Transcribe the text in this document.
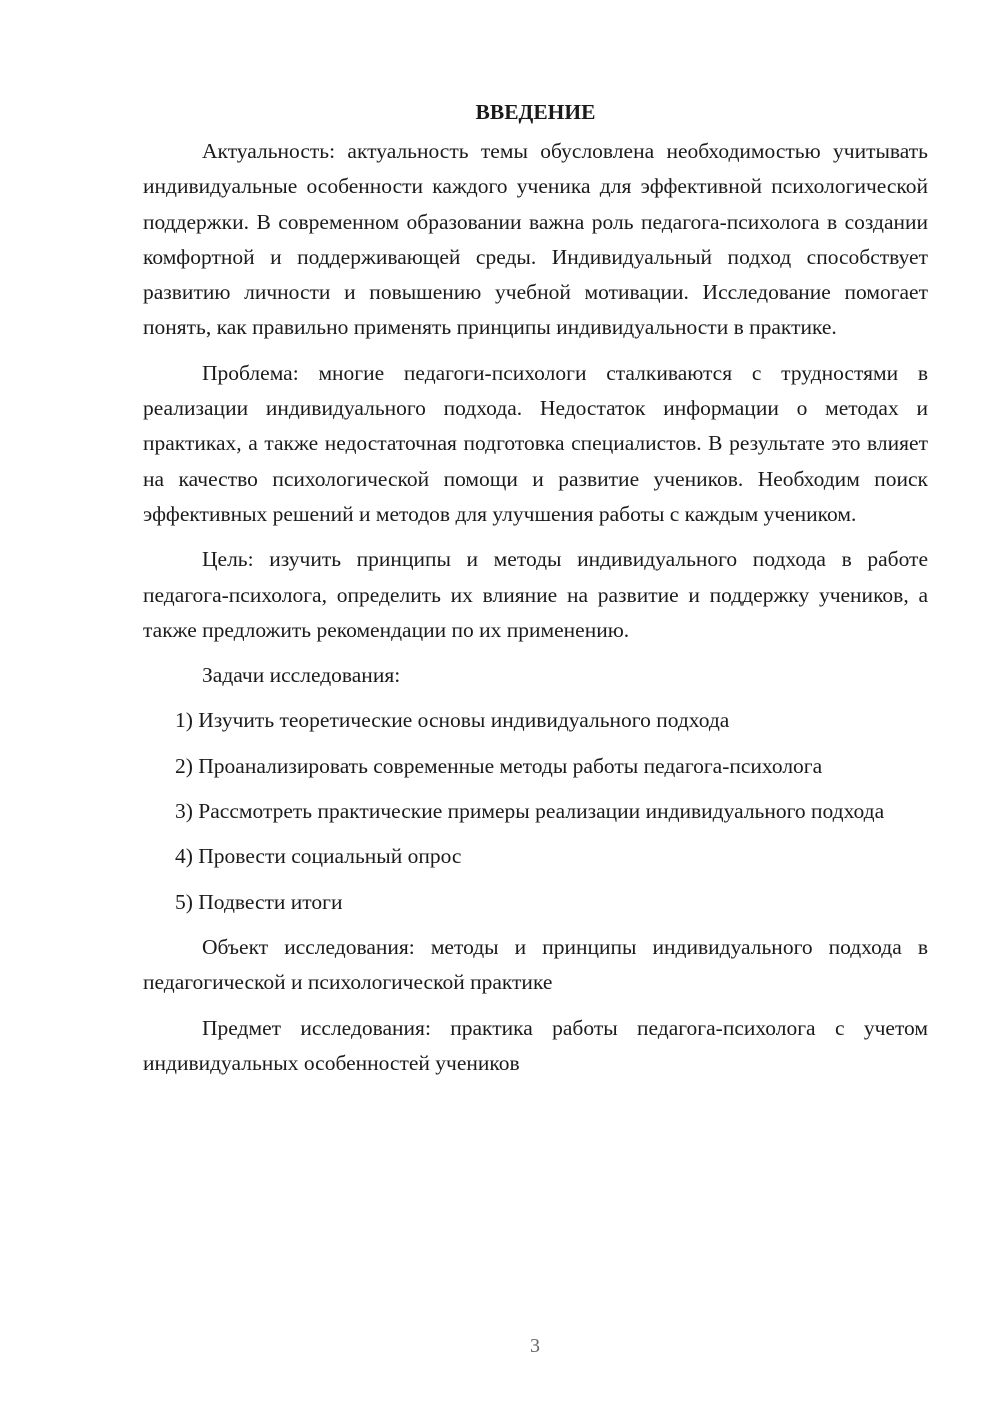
ВВЕДЕНИЕ

Актуальность: актуальность темы обусловлена необходимостью учитывать индивидуальные особенности каждого ученика для эффективной психологической поддержки. В современном образовании важна роль педагога-психолога в создании комфортной и поддерживающей среды. Индивидуальный подход способствует развитию личности и повышению учебной мотивации. Исследование помогает понять, как правильно применять принципы индивидуальности в практике.

Проблема: многие педагоги-психологи сталкиваются с трудностями в реализации индивидуального подхода. Недостаток информации о методах и практиках, а также недостаточная подготовка специалистов. В результате это влияет на качество психологической помощи и развитие учеников. Необходим поиск эффективных решений и методов для улучшения работы с каждым учеником.

Цель: изучить принципы и методы индивидуального подхода в работе педагога-психолога, определить их влияние на развитие и поддержку учеников, а также предложить рекомендации по их применению.

Задачи исследования:

1) Изучить теоретические основы индивидуального подхода

2) Проанализировать современные методы работы педагога-психолога

3) Рассмотреть практические примеры реализации индивидуального подхода

4) Провести социальный опрос

5) Подвести итоги

Объект исследования: методы и принципы индивидуального подхода в педагогической и психологической практике

Предмет исследования: практика работы педагога-психолога с учетом индивидуальных особенностей учеников

3
